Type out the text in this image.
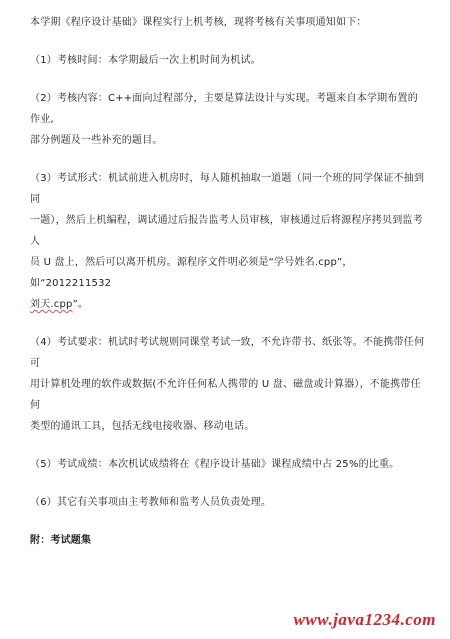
本学期《程序设计基础》课程实行上机考核，现将考核有关事项通知如下：

（1）考核时间：本学期最后一次上机时间为机试。

（2）考核内容：C++面向过程部分，主要是算法设计与实现。考题来自本学期布置的作业,

部分例题及一些补充的题目。

（3）考试形式：机试前进入机房时，每人随机抽取一道题（同一个班的同学保证不抽到同

一题），然后上机编程，调试通过后报告监考人员审核，审核通过后将源程序拷贝到监考人

员 U 盘上，然后可以离开机房。源程序文件明必须是“学号姓名.cpp”，如“2012211532

刘天.cpp”。

（4）考试要求：机试时考试规则同课堂考试一致，不允许带书、纸张等。不能携带任何可

用计算机处理的软件或数据(不允许任何私人携带的 U 盘、磁盘或计算器），不能携带任何

类型的通讯工具，包括无线电接收器、移动电话。

（5）考试成绩：本次机试成绩将在《程序设计基础》课程成绩中占 25%的比重。

（6）其它有关事项由主考教师和监考人员负责处理。

附：考试题集

www.java1234.com
